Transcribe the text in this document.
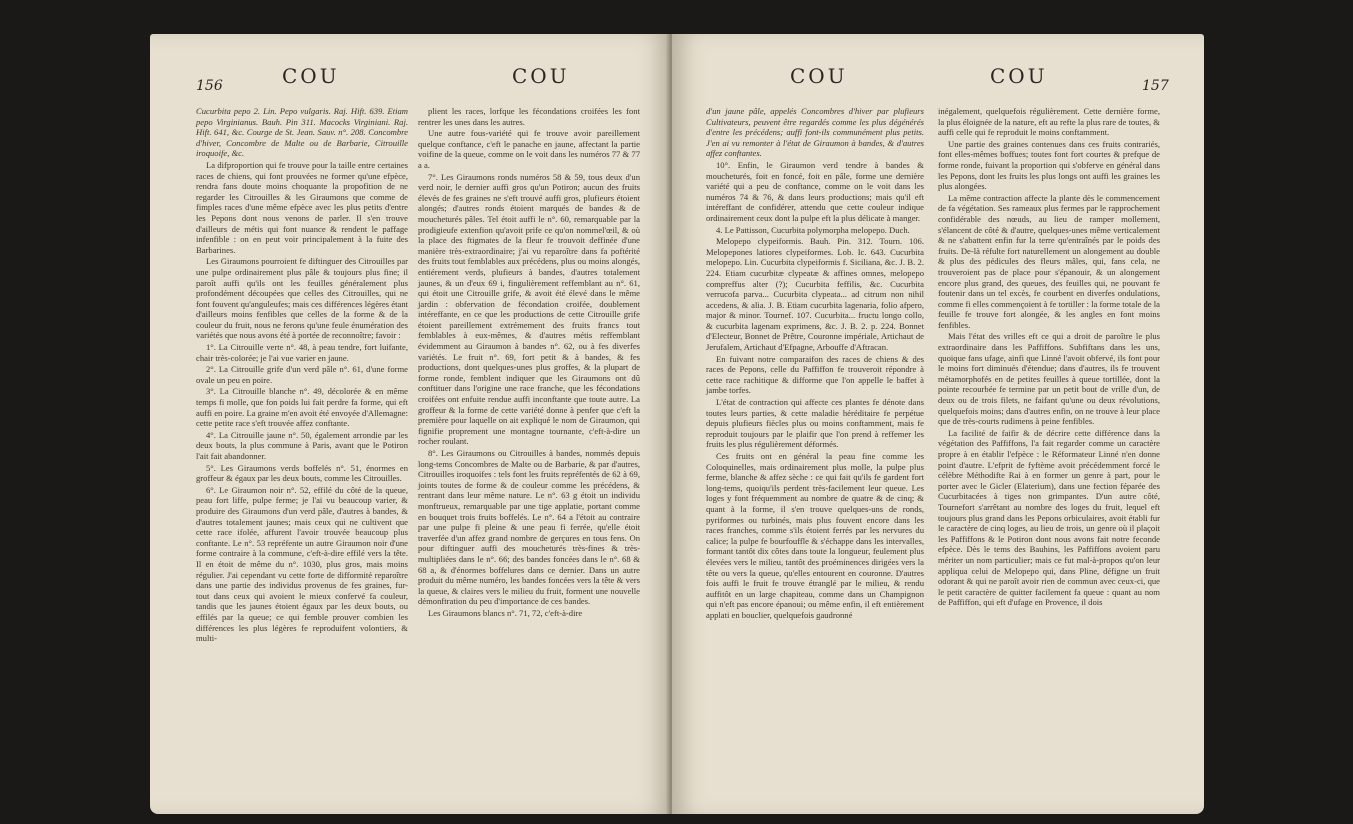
156	COU	COU

Cucurbita pepo 2. Lin. Pepo vulgaris. Raj. Hift. 639. Etiam pepo Virginianus. Bauh. Pin 311. Macocks Virginiani. Raj. Hift. 641, &c. Courge de St. Jean. Sauv. n°. 208. Concombre d'hiver, Concombre de Malte ou de Barbarie, Citrouille iroquoife, &c.

La difproportion qui fe trouve pour la taille entre certaines races de chiens, qui font prouvées ne former qu'une efpèce, rendra fans doute moins choquante la propofition de ne regarder les Citrouilles & les Giraumons que comme de fimples races d'une même efpèce avec les plus petits d'entre les Pepons dont nous venons de parler. Il s'en trouve d'ailleurs de métis qui font nuance & rendent le paffage infenfible : on en peut voir principalement à la fuite des Barbarines.

Les Giraumons pourroient fe diftinguer des Citrouilles par une pulpe ordinairement plus pâle & toujours plus fine; il paroît auffi qu'ils ont les feuilles généralement plus profondément découpées que celles des Citrouilles, qui ne font fouvent qu'anguleufes; mais ces différences légères étant d'ailleurs moins fenfibles que celles de la forme & de la couleur du fruit, nous ne ferons qu'une feule énumération des variétés que nous avons été à portée de reconnoître; favoir :

1°. La Citrouille verte n°. 48, à peau tendre, fort luifante, chair très-colorée; je l'ai vue varier en jaune.

2°. La Citrouille grife d'un verd pâle n°. 61, d'une forme ovale un peu en poire.

3°. La Citrouille blanche n°. 49, décolorée & en même temps fi molle, que fon poids lui fait perdre fa forme, qui eft auffi en poire. La graine m'en avoit été envoyée d'Allemagne: cette petite race s'eft trouvée affez conftante.

4°. La Citrouille jaune n°. 50, également arrondie par les deux bouts, la plus commune à Paris, avant que le Potiron l'ait fait abandonner.

5°. Les Giraumons verds boffelés n°. 51, énormes en groffeur & égaux par les deux bouts, comme les Citrouilles.

6°. Le Giraumon noir n°. 52, effilé du côté de la queue, peau fort liffe, pulpe ferme; je l'ai vu beaucoup varier, & produire des Giraumons d'un verd pâle, d'autres à bandes, & d'autres totalement jaunes; mais ceux qui ne cultivent que cette race ifolée, affurent l'avoir trouvée beaucoup plus conftante. Le n°. 53 repréfente un autre Giraumon noir d'une forme contraire à la commune, c'eft-à-dire effilé vers la tête. Il en étoit de même du n°. 1030, plus gros, mais moins régulier. J'ai cependant vu cette forte de difformité reparoître dans une partie des individus provenus de fes graines, fur-tout dans ceux qui avoient le mieux confervé fa couleur, tandis que les jaunes étoient égaux par les deux bouts, ou effilés par la queue; ce qui femble prouver combien les différences les plus légères fe reproduifent volontiers, & multi-

plient les races, lorfque les fécondations croifées les font rentrer les unes dans les autres.

Une autre fous-variété qui fe trouve avoir pareillement quelque conftance, c'eft le panache en jaune, affectant la partie voifine de la queue, comme on le voit dans les numéros 77 & 77 a a.

7°. Les Giraumons ronds numéros 58 & 59, tous deux d'un verd noir, le dernier auffi gros qu'un Potiron; aucun des fruits élevés de fes graines ne s'eft trouvé auffi gros, plufieurs étoient alongés; d'autres ronds étoient marqués de bandes & de moucheturés pâles. Tel étoit auffi le n°. 60, remarquable par la prodigieufe extenfion qu'avoit prife ce qu'on nommel'œil, & où la place des ftigmates de la fleur fe trouvoit deffinée d'une manière très-extraordinaire; j'ai vu reparoître dans fa poftérité des fruits tout femblables aux précédens, plus ou moins alongés, entiérement verds, plufieurs à bandes, d'autres totalement jaunes, & un d'eux 69 i, fingulièrement reffemblant au n°. 61, qui étoit une Citrouille grife, & avoit été élevé dans le même jardin : obfervation de fécondation croifée, doublement intéreffante, en ce que les productions de cette Citrouille grife étoient pareillement extrémement des fruits francs tout femblables à eux-mêmes, & d'autres métis reffemblant évidemment au Giraumon à bandes n°. 62, ou à fes diverfes variétés. Le fruit n°. 69, fort petit & à bandes, & fes productions, dont quelques-unes plus groffes, & la plupart de forme ronde, femblent indiquer que les Giraumons ont dû conftituer dans l'origine une race franche, que les fécondations croifées ont enfuite rendue auffi inconftante que toute autre. La groffeur & la forme de cette variété donne à penfer que c'eft la première pour laquelle on ait expliqué le nom de Giraumon, qui fignifie proprement une montagne tournante, c'eft-à-dire un rocher roulant.

8°. Les Giraumons ou Citrouilles à bandes, nommés depuis long-tems Concombres de Malte ou de Barbarie, & par d'autres, Citrouilles iroquoifes : tels font les fruits repréfentés de 62 à 69, joints toutes de forme & de couleur comme les précédens, & rentrant dans leur même nature. Le n°. 63 g étoit un individu monftrueux, remarquable par une tige applatie, portant comme en bouquet trois fruits boffelés. Le n°. 64 a l'étoit au contraire par une pulpe fi pleine & une peau fi ferrée, qu'elle étoit traverfée d'un affez grand nombre de gerçures en tous fens. On pour diftinguer auffi des moucheturés très-fines & très-multipliées dans le n°. 66; des bandes foncées dans le n°. 68 & 68 a, & d'énormes boffelures dans ce dernier. Dans un autre produit du même numéro, les bandes foncées vers la tête & vers la queue, & claires vers le milieu du fruit, forment une nouvelle démonftration du peu d'importance de ces bandes.

Les Giraumons blancs n°. 71, 72, c'eft-à-dire

COU	COU	157

d'un jaune pâle, appelés Concombres d'hiver par plufieurs Cultivateurs, peuvent être regardés comme les plus dégénérés d'entre les précédens; auffi font-ils communément plus petits. J'en ai vu remonter à l'état de Giraumon à bandes, & d'autres affez conftantes.

10°. Enfin, le Giraumon verd tendre à bandes & moucheturés, foit en foncé, foit en pâle, forme une dernière variété qui a peu de conftance, comme on le voit dans les numéros 74 & 76, & dans leurs productions; mais qu'il eft intéreffant de confidérer, attendu que cette couleur indique ordinairement ceux dont la pulpe eft la plus délicate à manger.

4. Le Pattisson, Cucurbita polymorpha melopepo. Duch.

Melopepo clypeiformis. Bauh. Pin. 312. Tourn. 106. Melopepones latiores clypeiformes. Lob. Ic. 643. Cucurbita melopepo. Lin. Cucurbita clypeiformis f. Siciliana, &c. J. B. 2. 224. Etiam cucurbitæ clypeatæ & affines omnes, melopepo compreffus alter (?); Cucurbita feffilis, &c. Cucurbita verrucofa parva... Cucurbita clypeata... ad citrum non nihil accedens, & alia. J. B. Etiam cucurbita lagenaria, folio afpero, major & minor. Tournef. 107. Cucurbita... fructu longo collo, & cucurbita lagenam exprimens, &c. J. B. 2. p. 224. Bonnet d'Electeur, Bonnet de Prêtre, Couronne impériale, Artichaut de Jerufalem, Artichaut d'Efpagne, Arbouffe d'Aftracan.

En fuivant notre comparaifon des races de chiens & des races de Pepons, celle du Paffiffon fe trouveroit répondre à cette race rachitique & difforme que l'on appelle le baffet à jambe torfes.

L'état de contraction qui affecte ces plantes fe dénote dans toutes leurs parties, & cette maladie héréditaire fe perpétue depuis plufieurs fiècles plus ou moins conftamment, mais fe reproduit toujours par le plaifir que l'on prend à reffemer les fruits les plus régulièrement déformés.

Ces fruits ont en général la peau fine comme les Coloquinelles, mais ordinairement plus molle, la pulpe plus ferme, blanche & affez sèche : ce qui fait qu'ils fe gardent fort long-tems, quoiqu'ils perdent très-facilement leur queue. Les loges y font fréquemment au nombre de quatre & de cinq; & quant à la forme, il s'en trouve quelques-uns de ronds, pyriformes ou turbinés, mais plus fouvent encore dans les races franches, comme s'ils étoient ferrés par les nervures du calice; la pulpe fe bourfouffle & s'échappe dans les intervalles, formant tantôt dix côtes dans toute la longueur, feulement plus élevées vers le milieu, tantôt des proéminences dirigées vers la tête ou vers la queue, qu'elles entourent en couronne. D'autres fois auffi le fruit fe trouve étranglé par le milieu, & rendu auffitôt en un large chapiteau, comme dans un Champignon qui n'eft pas encore épanoui; ou même enfin, il eft entièrement applati en bouclier, quelquefois gaudronné

inégalement, quelquefois régulièrement. Cette dernière forme, la plus éloignée de la nature, eft au refte la plus rare de toutes, & auffi celle qui fe reproduit le moins conftamment.

Une partie des graines contenues dans ces fruits contrariés, font elles-mêmes boffues; toutes font fort courtes & prefque de forme ronde, fuivant la proportion qui s'obferve en général dans les Pepons, dont les fruits les plus longs ont auffi les graines les plus alongées.

La même contraction affecte la plante dès le commencement de fa végétation. Ses rameaux plus fermes par le rapprochement confidérable des nœuds, au lieu de ramper mollement, s'élancent de côté & d'autre, quelques-unes même verticalement & ne s'abattent enfin fur la terre qu'entraînés par le poids des fruits. De-là réfulte fort naturellement un alongement au double & plus des pédicules des fleurs mâles, qui, fans cela, ne trouveroient pas de place pour s'épanouir, & un alongement encore plus grand, des queues, des feuilles qui, ne pouvant fe foutenir dans un tel excès, fe courbent en diverfes ondulations, comme fi elles commençoient à fe tortiller : la forme totale de la feuille fe trouve fort alongée, & les angles en font moins fenfibles.

Mais l'état des vrilles eft ce qui a droit de paroître le plus extraordinaire dans les Paffiffons. Subfiftans dans les uns, quoique fans ufage, ainfi que Linné l'avoit obfervé, ils font pour le moins fort diminués d'étendue; dans d'autres, ils fe trouvent métamorphofés en de petites feuilles à queue tortillée, dont la pointe recourbée fe termine par un petit bout de vrille d'un, de deux ou de trois filets, ne faifant qu'une ou deux révolutions, quelquefois moins; dans d'autres enfin, on ne trouve à leur place que de très-courts rudimens à peine fenfibles.

La facilité de faifir & de décrire cette différence dans la végétation des Paffiffons, l'a fait regarder comme un caractère propre à en établir l'efpèce : le Réformateur Linné n'en donne point d'autre. L'efprit de fyftème avoit précédemment forcé le célèbre Méthodifte Rai à en former un genre à part, pour le porter avec le Gicler (Elaterium), dans une fection féparée des Cucurbitacées à tiges non grimpantes. D'un autre côté, Tournefort s'arrêtant au nombre des loges du fruit, lequel eft toujours plus grand dans les Pepons orbiculaires, avoit établi fur le caractère de cinq loges, au lieu de trois, un genre où il plaçoit les Paffiffons & le Potiron dont nous avons fait notre feconde efpèce. Dès le tems des Bauhins, les Paffiffons avoient paru mériter un nom particulier; mais ce fut mal-à-propos qu'on leur appliqua celui de Melopepo qui, dans Pline, défigne un fruit odorant & qui ne paroît avoir rien de commun avec ceux-ci, que le petit caractère de quitter facilement fa queue : quant au nom de Paffiffon, qui eft d'ufage en Provence, il dois
